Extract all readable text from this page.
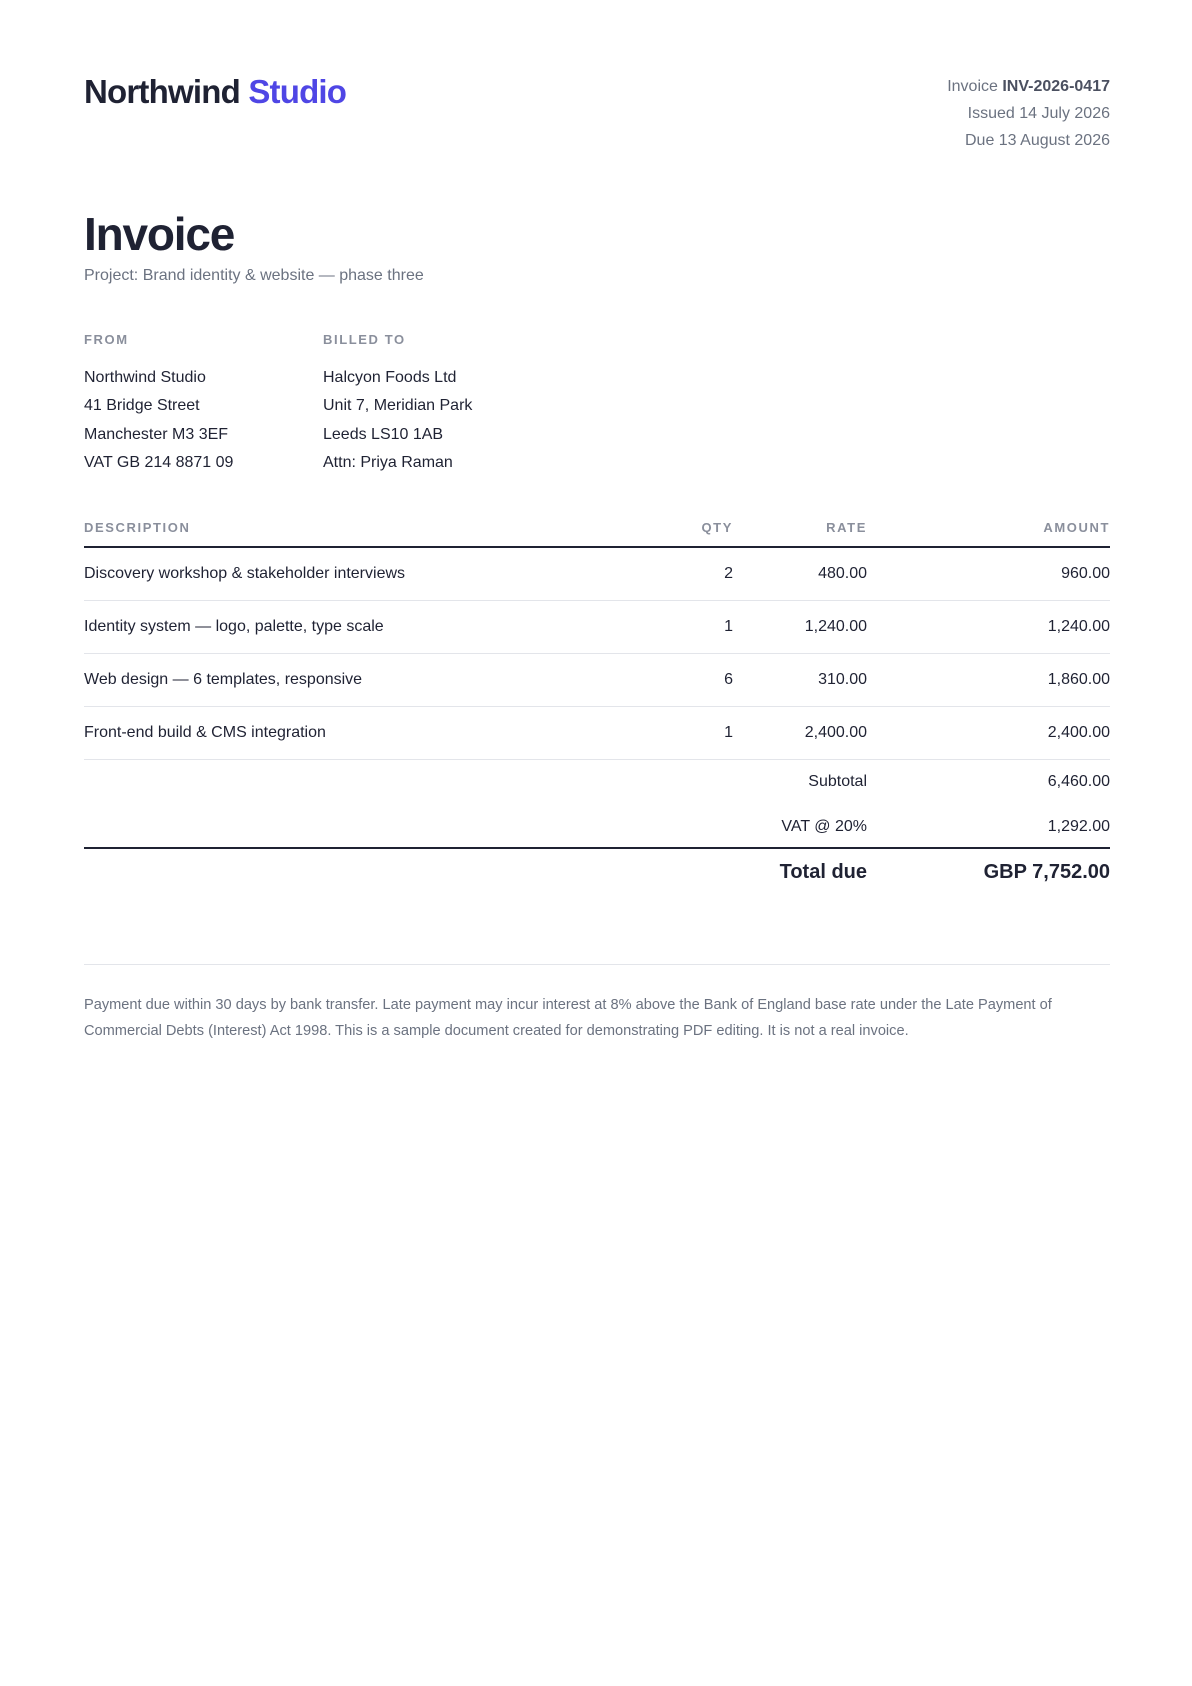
Northwind Studio	Invoice INV-2026-0417
Issued 14 July 2026
Due 13 August 2026
Invoice
Project: Brand identity & website — phase three
FROM
Northwind Studio
41 Bridge Street
Manchester M3 3EF
VAT GB 214 8871 09
BILLED TO
Halcyon Foods Ltd
Unit 7, Meridian Park
Leeds LS10 1AB
Attn: Priya Raman
DESCRIPTION	QTY	RATE	AMOUNT
Discovery workshop & stakeholder interviews	2	480.00	960.00
Identity system — logo, palette, type scale	1	1,240.00	1,240.00
Web design — 6 templates, responsive	6	310.00	1,860.00
Front-end build & CMS integration	1	2,400.00	2,400.00
Subtotal	6,460.00
VAT @ 20%	1,292.00
Total due	GBP 7,752.00
Payment due within 30 days by bank transfer. Late payment may incur interest at 8% above the Bank of England base rate under the Late Payment of Commercial Debts (Interest) Act 1998. This is a sample document created for demonstrating PDF editing. It is not a real invoice.
